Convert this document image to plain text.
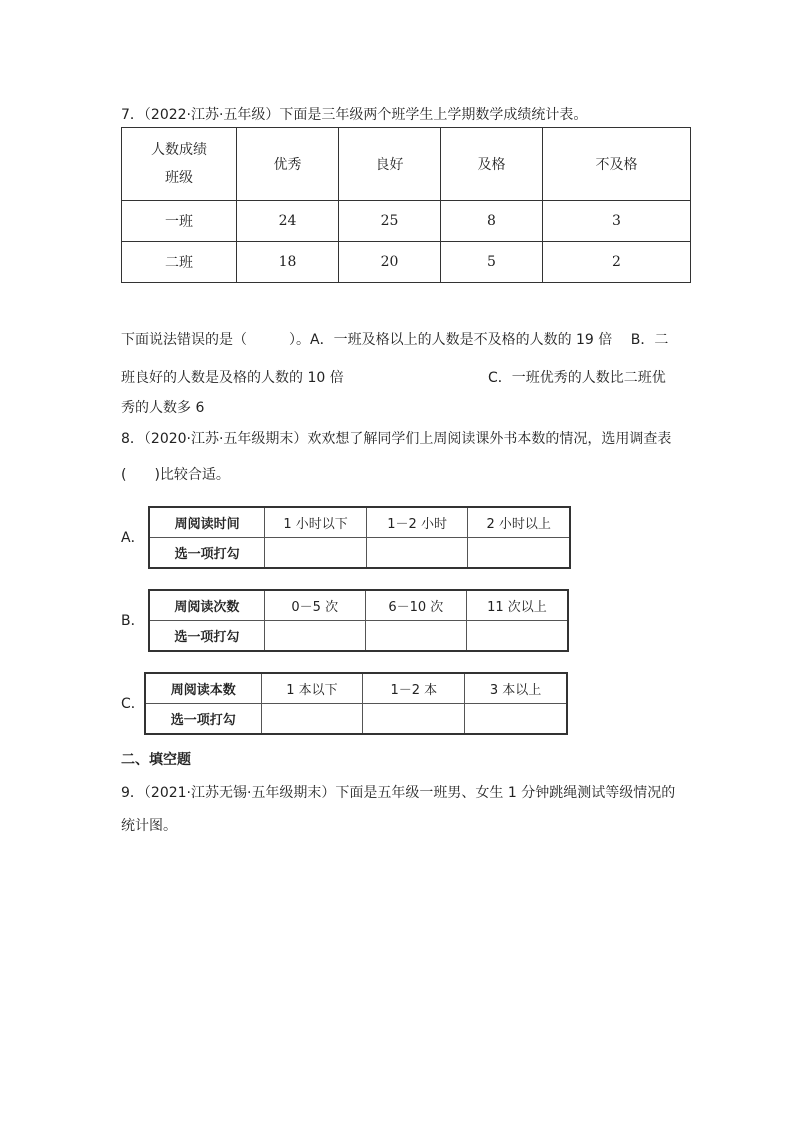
7．（2022·江苏·五年级）下面是三年级两个班学生上学期数学成绩统计表。
人数成绩
班级	优秀	良好	及格	不及格
一班	24	25	8	3
二班	18	20	5	2
下面说法错误的是（　　　）。A．一班及格以上的人数是不及格的人数的 19 倍　 B．二
班良好的人数是及格的人数的 10 倍	C．一班优秀的人数比二班优
秀的人数多 6
8．（2020·江苏·五年级期末）欢欢想了解同学们上周阅读课外书本数的情况，选用调查表
(　　)比较合适。
A．
周阅读时间	1 小时以下	1－2 小时	2 小时以上
选一项打勾			
B．
周阅读次数	0－5 次	6－10 次	11 次以上
选一项打勾			
C．
周阅读本数	1 本以下	1－2 本	3 本以上
选一项打勾			
二、填空题
9．（2021·江苏无锡·五年级期末）下面是五年级一班男、女生 1 分钟跳绳测试等级情况的
统计图。
